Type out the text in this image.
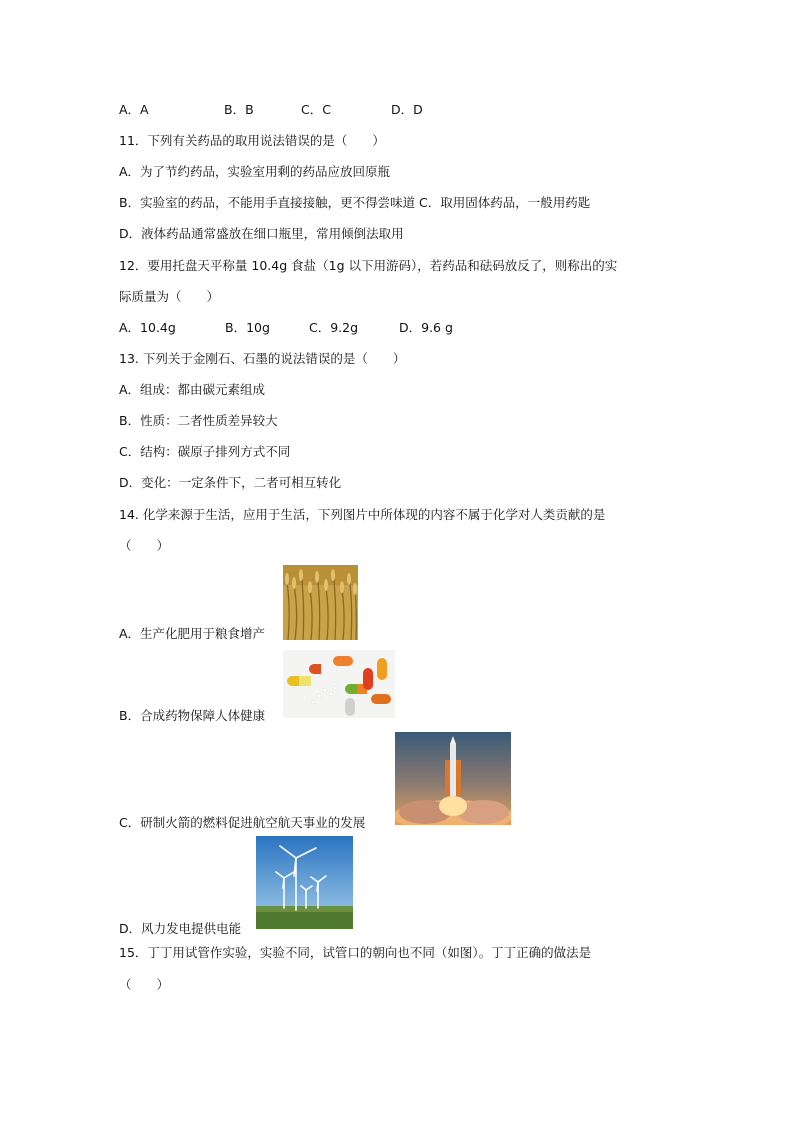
A．A	B．B	C．C	D．D
11．下列有关药品的取用说法错误的是（　　）
A．为了节约药品，实验室用剩的药品应放回原瓶
B．实验室的药品，不能用手直接接触，更不得尝味道 C．取用固体药品，一般用药匙
D．液体药品通常盛放在细口瓶里，常用倾倒法取用
12．要用托盘天平称量 10.4g 食盐（1g 以下用游码），若药品和砝码放反了，则称出的实
际质量为（　　）
A．10.4g	B．10g	C．9.2g	D．9.6 g
13. 下列关于金刚石、石墨的说法错误的是（　　）
A．组成：都由碳元素组成
B．性质：二者性质差异较大
C．结构：碳原子排列方式不同
D．变化：一定条件下，二者可相互转化
14. 化学来源于生活，应用于生活，下列图片中所体现的内容不属于化学对人类贡献的是
（　　）
A．生产化肥用于粮食增产
B．合成药物保障人体健康
C．研制火箭的燃料促进航空航天事业的发展
D．风力发电提供电能
15．丁丁用试管作实验，实验不同，试管口的朝向也不同（如图）。丁丁正确的做法是
（　　）
